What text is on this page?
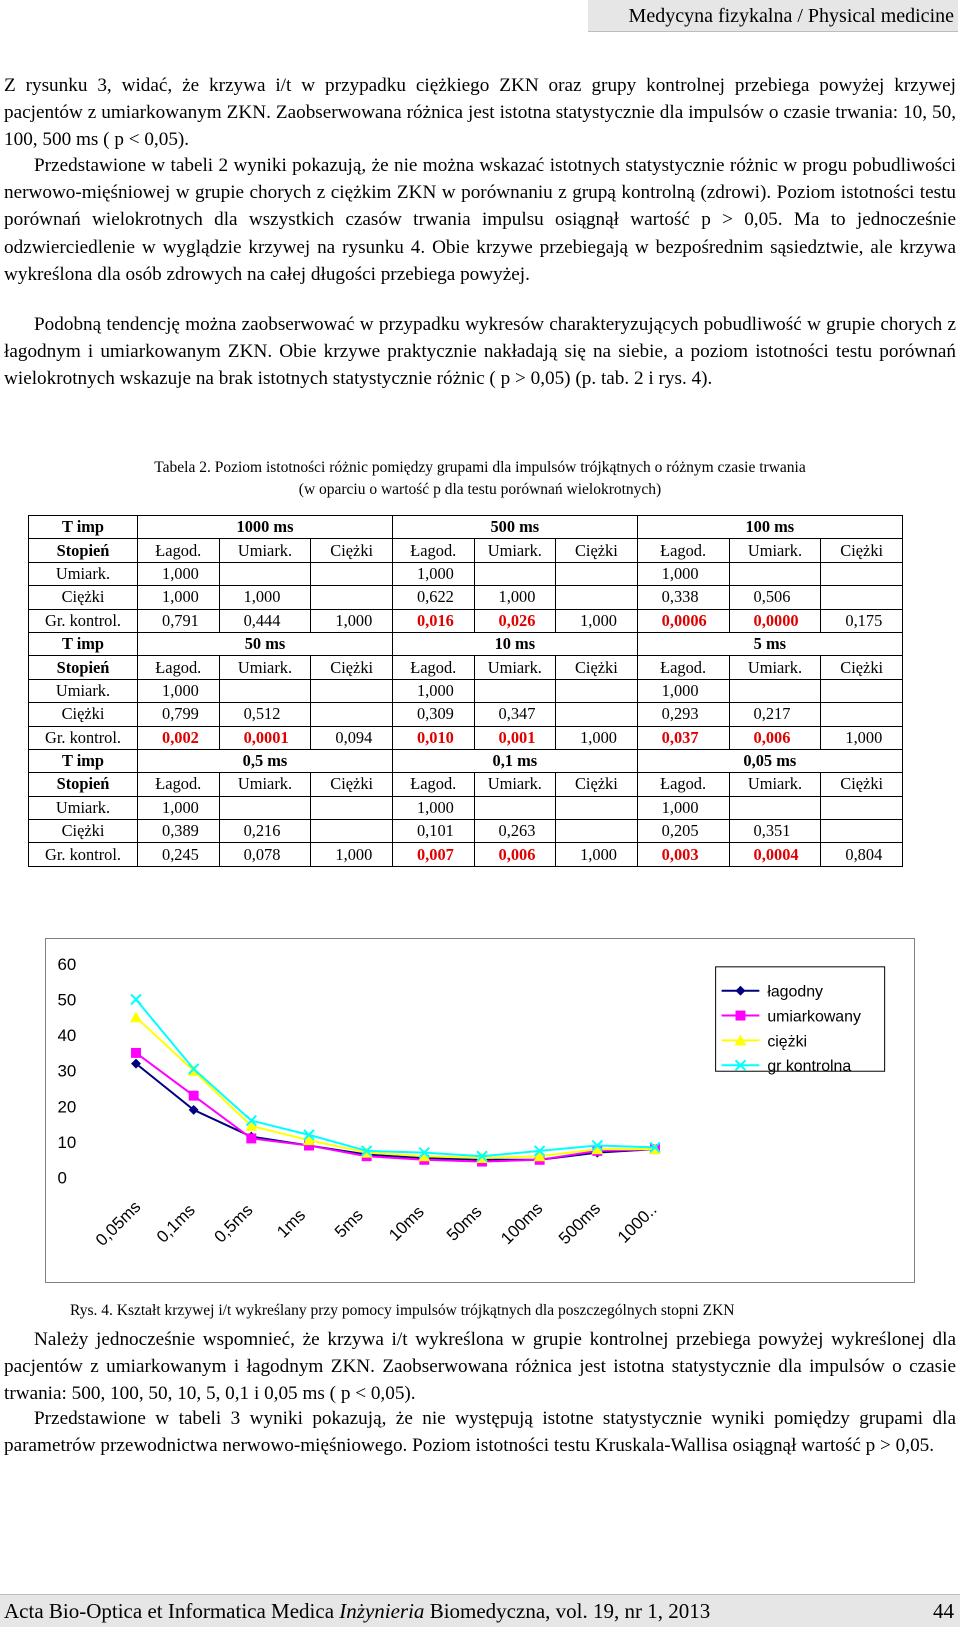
Medycyna fizykalna / Physical medicine

Z rysunku 3, widać, że krzywa i/t w przypadku ciężkiego ZKN oraz grupy kontrolnej przebiega powyżej krzywej pacjentów z umiarkowanym ZKN. Zaobserwowana różnica jest istotna statystycznie dla impulsów o czasie trwania: 10, 50, 100, 500 ms ( p < 0,05).

Przedstawione w tabeli 2 wyniki pokazują, że nie można wskazać istotnych statystycznie różnic w progu pobudliwości nerwowo-mięśniowej w grupie chorych z ciężkim ZKN w porównaniu z grupą kontrolną (zdrowi). Poziom istotności testu porównań wielokrotnych dla wszystkich czasów trwania impulsu osiągnął wartość p > 0,05. Ma to jednocześnie odzwierciedlenie w wyglądzie krzywej na rysunku 4. Obie krzywe przebiegają w bezpośrednim sąsiedztwie, ale krzywa wykreślona dla osób zdrowych na całej długości przebiega powyżej.

Podobną tendencję można zaobserwować w przypadku wykresów charakteryzujących pobudliwość w grupie chorych z łagodnym i umiarkowanym ZKN. Obie krzywe praktycznie nakładają się na siebie, a poziom istotności testu porównań wielokrotnych wskazuje na brak istotnych statystycznie różnic ( p > 0,05) (p. tab. 2 i rys. 4).

Tabela 2. Poziom istotności różnic pomiędzy grupami dla impulsów trójkątnych o różnym czasie trwania
(w oparciu o wartość p dla testu porównań wielokrotnych)
T imp	1000 ms			500 ms			100 ms		
Stopień	Łagod.	Umiark.	Ciężki	Łagod.	Umiark.	Ciężki	Łagod.	Umiark.	Ciężki
Umiark.	1,000			1,000			1,000		
Ciężki	1,000	1,000		0,622	1,000		0,338	0,506	
Gr. kontrol.	0,791	0,444	1,000	0,016	0,026	1,000	0,0006	0,0000	0,175
T imp	50 ms			10 ms			5 ms		
Stopień	Łagod.	Umiark.	Ciężki	Łagod.	Umiark.	Ciężki	Łagod.	Umiark.	Ciężki
Umiark.	1,000			1,000			1,000		
Ciężki	0,799	0,512		0,309	0,347		0,293	0,217	
Gr. kontrol.	0,002	0,0001	0,094	0,010	0,001	1,000	0,037	0,006	1,000
T imp	0,5 ms			0,1 ms			0,05 ms		
Stopień	Łagod.	Umiark.	Ciężki	Łagod.	Umiark.	Ciężki	Łagod.	Umiark.	Ciężki
Umiark.	1,000			1,000			1,000		
Ciężki	0,389	0,216		0,101	0,263		0,205	0,351	
Gr. kontrol.	0,245	0,078	1,000	0,007	0,006	1,000	0,003	0,0004	0,804
0
10
20
30
40
50
60
0,05ms 0,1ms 0,5ms 1ms 5ms 10ms 50ms 100ms 500ms 1000..
łagodny
umiarkowany
ciężki
gr kontrolna
Rys. 4. Kształt krzywej i/t wykreślany przy pomocy impulsów trójkątnych dla poszczególnych stopni ZKN

Należy jednocześnie wspomnieć, że krzywa i/t wykreślona w grupie kontrolnej przebiega powyżej wykreślonej dla pacjentów z umiarkowanym i łagodnym ZKN. Zaobserwowana różnica jest istotna statystycznie dla impulsów o czasie trwania: 500, 100, 50, 10, 5, 0,1 i 0,05 ms ( p < 0,05).

Przedstawione w tabeli 3 wyniki pokazują, że nie występują istotne statystycznie wyniki pomiędzy grupami dla parametrów przewodnictwa nerwowo-mięśniowego. Poziom istotności testu Kruskala-Wallisa osiągnął wartość p > 0,05.

Acta Bio-Optica et Informatica Medica Inżynieria Biomedyczna, vol. 19, nr 1, 2013	44
